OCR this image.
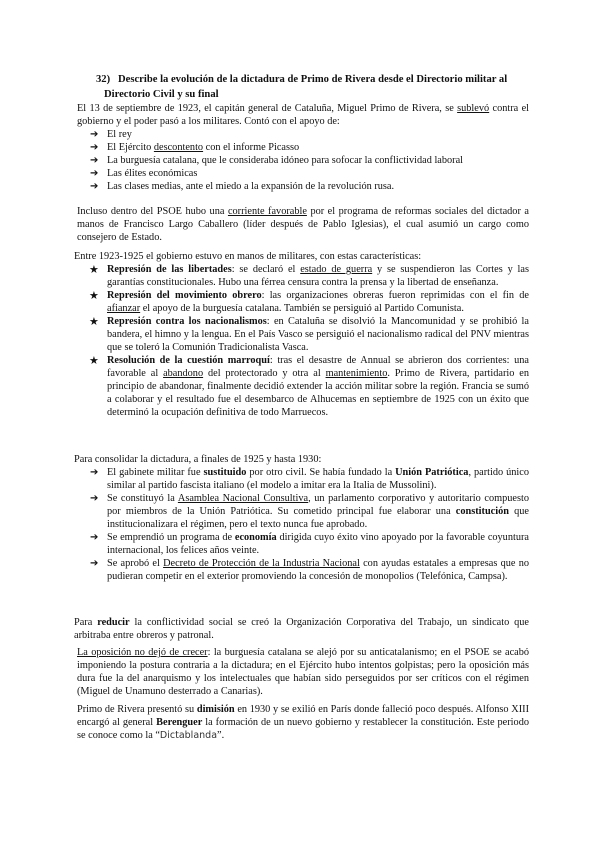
32) Describe la evolución de la dictadura de Primo de Rivera desde el Directorio militar al
Directorio Civil y su final

El 13 de septiembre de 1923, el capitán general de Cataluña, Miguel Primo de Rivera, se sublevó contra el gobierno y el poder pasó a los militares. Contó con el apoyo de:

➔ El rey
➔ El Ejército descontento con el informe Picasso
➔ La burguesía catalana, que le consideraba idóneo para sofocar la conflictividad laboral
➔ Las élites económicas
➔ Las clases medias, ante el miedo a la expansión de la revolución rusa.

Incluso dentro del PSOE hubo una corriente favorable por el programa de reformas sociales del dictador a manos de Francisco Largo Caballero (líder después de Pablo Iglesias), el cual asumió un cargo como consejero de Estado.

Entre 1923-1925 el gobierno estuvo en manos de militares, con estas características:

★ Represión de las libertades: se declaró el estado de guerra y se suspendieron las Cortes y las garantías constitucionales. Hubo una férrea censura contra la prensa y la libertad de enseñanza.
★ Represión del movimiento obrero: las organizaciones obreras fueron reprimidas con el fin de afianzar el apoyo de la burguesía catalana. También se persiguió al Partido Comunista.
★ Represión contra los nacionalismos: en Cataluña se disolvió la Mancomunidad y se prohibió la bandera, el himno y la lengua. En el País Vasco se persiguió el nacionalismo radical del PNV mientras que se toleró la Comunión Tradicionalista Vasca.
★ Resolución de la cuestión marroquí: tras el desastre de Annual se abrieron dos corrientes: una favorable al abandono del protectorado y otra al mantenimiento. Primo de Rivera, partidario en principio de abandonar, finalmente decidió extender la acción militar sobre la región. Francia se sumó a colaborar y el resultado fue el desembarco de Alhucemas en septiembre de 1925 con un éxito que determinó la ocupación definitiva de todo Marruecos.

Para consolidar la dictadura, a finales de 1925 y hasta 1930:

➔ El gabinete militar fue sustituido por otro civil. Se había fundado la Unión Patriótica, partido único similar al partido fascista italiano (el modelo a imitar era la Italia de Mussolini).
➔ Se constituyó la Asamblea Nacional Consultiva, un parlamento corporativo y autoritario compuesto por miembros de la Unión Patriótica. Su cometido principal fue elaborar una constitución que institucionalizara el régimen, pero el texto nunca fue aprobado.
➔ Se emprendió un programa de economía dirigida cuyo éxito vino apoyado por la favorable coyuntura internacional, los felices años veinte.
➔ Se aprobó el Decreto de Protección de la Industria Nacional con ayudas estatales a empresas que no pudieran competir en el exterior promoviendo la concesión de monopolios (Telefónica, Campsa).

Para reducir la conflictividad social se creó la Organización Corporativa del Trabajo, un sindicato que arbitraba entre obreros y patronal.

La oposición no dejó de crecer: la burguesía catalana se alejó por su anticatalanismo; en el PSOE se acabó imponiendo la postura contraria a la dictadura; en el Ejército hubo intentos golpistas; pero la oposición más dura fue la del anarquismo y los intelectuales que habían sido perseguidos por ser críticos con el régimen (Miguel de Unamuno desterrado a Canarias).

Primo de Rivera presentó su dimisión en 1930 y se exilió en París donde falleció poco después. Alfonso XIII encargó al general Berenguer la formación de un nuevo gobierno y restablecer la constitución. Este periodo se conoce como la “Dictablanda”.
